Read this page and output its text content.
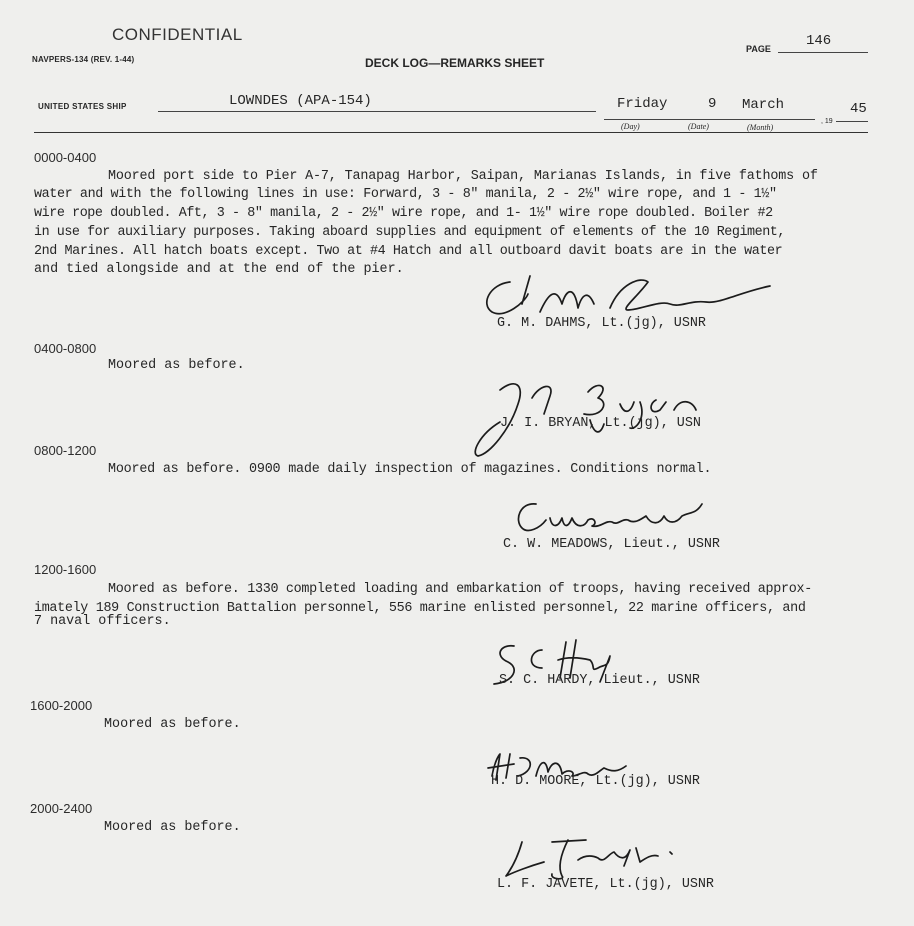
CONFIDENTIAL
NAVPERS-134 (REV. 1-44)	DECK LOG—REMARKS SHEET
PAGE	146
UNITED STATES SHIP	LOWNDES (APA-154)	Friday	9 March
(Day)	(Date)	(Month)
, 19
45
0000-0400
Moored port side to Pier A-7, Tanapag Harbor, Saipan, Marianas Islands, in five fathoms of
water and with the following lines in use: Forward, 3 - 8" manila, 2 - 2½" wire rope, and 1 - 1½"
wire rope doubled. Aft, 3 - 8" manila, 2 - 2½" wire rope, and 1- 1½" wire rope doubled. Boiler #2
in use for auxiliary purposes. Taking aboard supplies and equipment of elements of the 10 Regiment,
2nd Marines. All hatch boats except. Two at #4 Hatch and all outboard davit boats are in the water
and tied alongside and at the end of the pier.
G. M. DAHMS, Lt.(jg), USNR
0400-0800
Moored as before.
J. I. BRYAN, Lt.(jg), USN
0800-1200
Moored as before. 0900 made daily inspection of magazines. Conditions normal.
C. W. MEADOWS, Lieut., USNR
1200-1600
Moored as before. 1330 completed loading and embarkation of troops, having received approx-
imately 189 Construction Battalion personnel, 556 marine enlisted personnel, 22 marine officers, and
7 naval officers.
S. C. HARDY, Lieut., USNR
1600-2000
Moored as before.
H. D. MOORE, Lt.(jg), USNR
2000-2400
Moored as before.
L. F. JAVETE, Lt.(jg), USNR
